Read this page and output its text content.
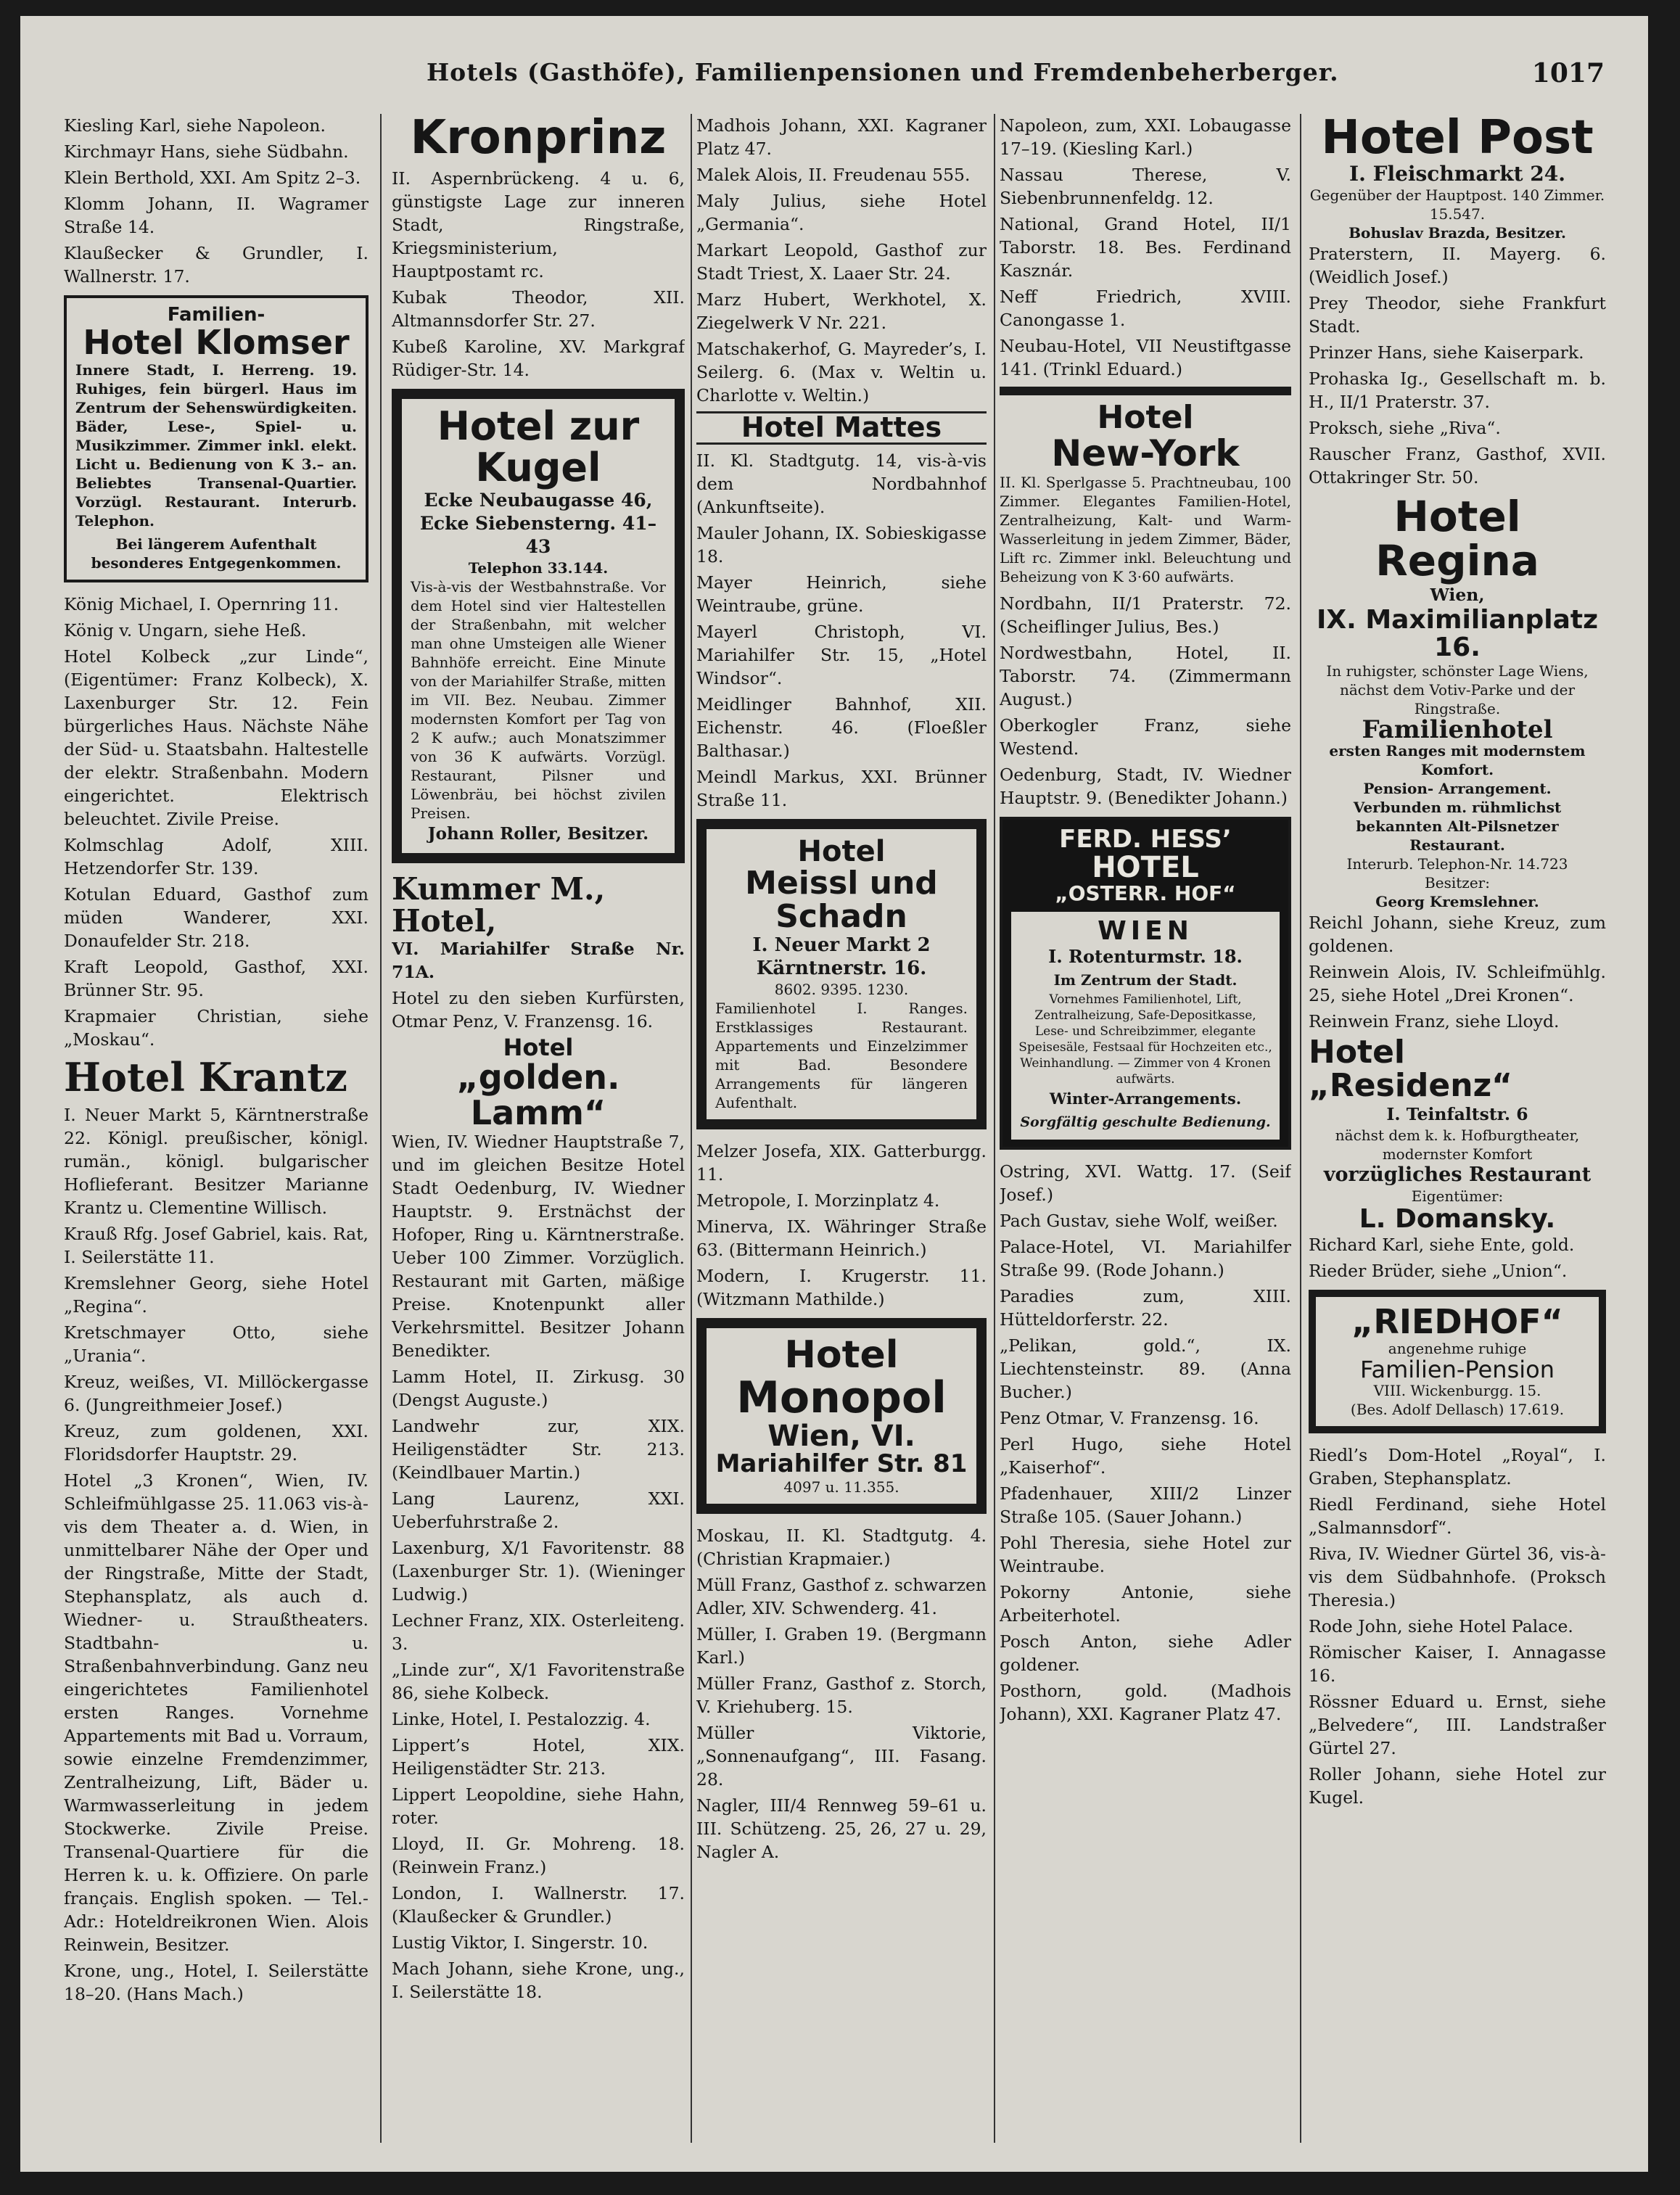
Hotels (Gasthöfe), Familienpensionen und Fremdenbeherberger.	1017

Kiesling Karl, siehe Napoleon.

Kirchmayr Hans, siehe Südbahn.

Klein Berthold, XXI. Am Spitz 2–3.

Klomm Johann, II. Wagramer Straße 14.

Klaußecker & Grundler, I. Wallnerstr. 17.

Familien-
Hotel Klomser
Innere Stadt, I. Herreng. 19. Ruhiges, fein bürgerl. Haus im Zentrum der Sehenswürdigkeiten. Bäder, Lese-, Spiel- u. Musikzimmer. Zimmer inkl. elekt. Licht u. Bedienung von K 3.– an. Beliebtes Transenal-Quartier. Vorzügl. Restaurant. Interurb. Telephon.
Bei längerem Aufenthalt besonderes Entgegenkommen.

König Michael, I. Opernring 11.

König v. Ungarn, siehe Heß.

Hotel Kolbeck „zur Linde“, (Eigentümer: Franz Kolbeck), X. Laxenburger Str. 12. Fein bürgerliches Haus. Nächste Nähe der Süd- u. Staatsbahn. Haltestelle der elektr. Straßenbahn. Modern eingerichtet. Elektrisch beleuchtet. Zivile Preise.

Kolmschlag Adolf, XIII. Hetzendorfer Str. 139.

Kotulan Eduard, Gasthof zum müden Wanderer, XXI. Donaufelder Str. 218.

Kraft Leopold, Gasthof, XXI. Brünner Str. 95.

Krapmaier Christian, siehe „Moskau“.

Hotel Krantz

I. Neuer Markt 5, Kärntnerstraße 22. Königl. preußischer, königl. rumän., königl. bulgarischer Hoflieferant. Besitzer Marianne Krantz u. Clementine Willisch.

Krauß Rfg. Josef Gabriel, kais. Rat, I. Seilerstätte 11.

Kremslehner Georg, siehe Hotel „Regina“.

Kretschmayer Otto, siehe „Urania“.

Kreuz, weißes, VI. Millöckergasse 6. (Jungreithmeier Josef.)

Kreuz, zum goldenen, XXI. Floridsdorfer Hauptstr. 29.

Hotel „3 Kronen“, Wien, IV. Schleifmühlgasse 25. 11.063 vis-à-vis dem Theater a. d. Wien, in unmittelbarer Nähe der Oper und der Ringstraße, Mitte der Stadt, Stephansplatz, als auch d. Wiedner- u. Straußtheaters. Stadtbahn- u. Straßenbahnverbindung. Ganz neu eingerichtetes Familienhotel ersten Ranges. Vornehme Appartements mit Bad u. Vorraum, sowie einzelne Fremdenzimmer, Zentralheizung, Lift, Bäder u. Warmwasserleitung in jedem Stockwerke. Zivile Preise. Transenal-Quartiere für die Herren k. u. k. Offiziere. On parle français. English spoken. — Tel.-Adr.: Hoteldreikronen Wien. Alois Reinwein, Besitzer.

Krone, ung., Hotel, I. Seilerstätte 18–20. (Hans Mach.)

Kronprinz

II. Aspernbrückeng. 4 u. 6, günstigste Lage zur inneren Stadt, Ringstraße, Kriegsministerium, Hauptpostamt rc.

Kubak Theodor, XII. Altmannsdorfer Str. 27.

Kubeß Karoline, XV. Markgraf Rüdiger-Str. 14.

Hotel zur Kugel
Ecke Neubaugasse 46,
Ecke Siebensterng. 41–43
Telephon 33.144.
Vis-à-vis der Westbahnstraße. Vor dem Hotel sind vier Haltestellen der Straßenbahn, mit welcher man ohne Umsteigen alle Wiener Bahnhöfe erreicht. Eine Minute von der Mariahilfer Straße, mitten im VII. Bez. Neubau. Zimmer modernsten Komfort per Tag von 2 K aufw.; auch Monatszimmer von 36 K aufwärts. Vorzügl. Restaurant, Pilsner und Löwenbräu, bei höchst zivilen Preisen.
Johann Roller, Besitzer.
Kummer M., Hotel,

VI. Mariahilfer Straße Nr. 71A.

Hotel zu den sieben Kurfürsten, Otmar Penz, V. Franzensg. 16.

Hotel
„golden. Lamm“

Wien, IV. Wiedner Hauptstraße 7, und im gleichen Besitze Hotel Stadt Oedenburg, IV. Wiedner Hauptstr. 9. Erstnächst der Hofoper, Ring u. Kärntnerstraße. Ueber 100 Zimmer. Vorzüglich. Restaurant mit Garten, mäßige Preise. Knotenpunkt aller Verkehrsmittel. Besitzer Johann Benedikter.

Lamm Hotel, II. Zirkusg. 30 (Dengst Auguste.)

Landwehr zur, XIX. Heiligenstädter Str. 213. (Keindlbauer Martin.)

Lang Laurenz, XXI. Ueberfuhrstraße 2.

Laxenburg, X/1 Favoritenstr. 88 (Laxenburger Str. 1). (Wieninger Ludwig.)

Lechner Franz, XIX. Osterleiteng. 3.

„Linde zur“, X/1 Favoritenstraße 86, siehe Kolbeck.

Linke, Hotel, I. Pestalozzig. 4.

Lippert’s Hotel, XIX. Heiligenstädter Str. 213.

Lippert Leopoldine, siehe Hahn, roter.

Lloyd, II. Gr. Mohreng. 18. (Reinwein Franz.)

London, I. Wallnerstr. 17. (Klaußecker & Grundler.)

Lustig Viktor, I. Singerstr. 10.

Mach Johann, siehe Krone, ung., I. Seilerstätte 18.

Madhois Johann, XXI. Kagraner Platz 47.

Malek Alois, II. Freudenau 555.

Maly Julius, siehe Hotel „Germania“.

Markart Leopold, Gasthof zur Stadt Triest, X. Laaer Str. 24.

Marz Hubert, Werkhotel, X. Ziegelwerk V Nr. 221.

Matschakerhof, G. Mayreder’s, I. Seilerg. 6. (Max v. Weltin u. Charlotte v. Weltin.)

Hotel Mattes

II. Kl. Stadtgutg. 14, vis-à-vis dem Nordbahnhof (Ankunftseite).

Mauler Johann, IX. Sobieskigasse 18.

Mayer Heinrich, siehe Weintraube, grüne.

Mayerl Christoph, VI. Mariahilfer Str. 15, „Hotel Windsor“.

Meidlinger Bahnhof, XII. Eichenstr. 46. (Floeßler Balthasar.)

Meindl Markus, XXI. Brünner Straße 11.

Hotel
Meissl und Schadn
I. Neuer Markt 2
Kärntnerstr. 16.
8602. 9395. 1230.
Familienhotel I. Ranges. Erstklassiges Restaurant. Appartements und Einzelzimmer mit Bad. Besondere Arrangements für längeren Aufenthalt.

Melzer Josefa, XIX. Gatterburgg. 11.

Metropole, I. Morzinplatz 4.

Minerva, IX. Währinger Straße 63. (Bittermann Heinrich.)

Modern, I. Krugerstr. 11. (Witzmann Mathilde.)

Hotel
Monopol
Wien, VI.
Mariahilfer Str. 81
4097 u. 11.355.

Moskau, II. Kl. Stadtgutg. 4. (Christian Krapmaier.)

Müll Franz, Gasthof z. schwarzen Adler, XIV. Schwenderg. 41.

Müller, I. Graben 19. (Bergmann Karl.)

Müller Franz, Gasthof z. Storch, V. Kriehuberg. 15.

Müller Viktorie, „Sonnenaufgang“, III. Fasang. 28.

Nagler, III/4 Rennweg 59–61 u. III. Schützeng. 25, 26, 27 u. 29, Nagler A.

Napoleon, zum, XXI. Lobaugasse 17–19. (Kiesling Karl.)

Nassau Therese, V. Siebenbrunnenfeldg. 12.

National, Grand Hotel, II/1 Taborstr. 18. Bes. Ferdinand Kasznár.

Neff Friedrich, XVIII. Canongasse 1.

Neubau-Hotel, VII Neustiftgasse 141. (Trinkl Eduard.)

Hotel
New-York

II. Kl. Sperlgasse 5. Prachtneubau, 100 Zimmer. Elegantes Familien-Hotel, Zentralheizung, Kalt- und Warm-Wasserleitung in jedem Zimmer, Bäder, Lift rc. Zimmer inkl. Beleuchtung und Beheizung von K 3·60 aufwärts.

Nordbahn, II/1 Praterstr. 72. (Scheiflinger Julius, Bes.)

Nordwestbahn, Hotel, II. Taborstr. 74. (Zimmermann August.)

Oberkogler Franz, siehe Westend.

Oedenburg, Stadt, IV. Wiedner Hauptstr. 9. (Benedikter Johann.)

FERD. HESS’
HOTEL
„OSTERR. HOF“
WIEN
I. Rotenturmstr. 18.
Im Zentrum der Stadt.
Vornehmes Familienhotel, Lift, Zentralheizung, Safe-Depositkasse, Lese- und Schreibzimmer, elegante Speisesäle, Festsaal für Hochzeiten etc., Weinhandlung. — Zimmer von 4 Kronen aufwärts.
Winter-Arrangements.
Sorgfältig geschulte Bedienung.

Ostring, XVI. Wattg. 17. (Seif Josef.)

Pach Gustav, siehe Wolf, weißer.

Palace-Hotel, VI. Mariahilfer Straße 99. (Rode Johann.)

Paradies zum, XIII. Hütteldorferstr. 22.

„Pelikan, gold.“, IX. Liechtensteinstr. 89. (Anna Bucher.)

Penz Otmar, V. Franzensg. 16.

Perl Hugo, siehe Hotel „Kaiserhof“.

Pfadenhauer, XIII/2 Linzer Straße 105. (Sauer Johann.)

Pohl Theresia, siehe Hotel zur Weintraube.

Pokorny Antonie, siehe Arbeiterhotel.

Posch Anton, siehe Adler goldener.

Posthorn, gold. (Madhois Johann), XXI. Kagraner Platz 47.

Hotel Post
I. Fleischmarkt 24.
Gegenüber der Hauptpost. 140 Zimmer. 15.547.
Bohuslav Brazda, Besitzer.

Praterstern, II. Mayerg. 6. (Weidlich Josef.)

Prey Theodor, siehe Frankfurt Stadt.

Prinzer Hans, siehe Kaiserpark.

Prohaska Ig., Gesellschaft m. b. H., II/1 Praterstr. 37.

Proksch, siehe „Riva“.

Rauscher Franz, Gasthof, XVII. Ottakringer Str. 50.

Hotel Regina
Wien,
IX. Maximilianplatz 16.
In ruhigster, schönster Lage Wiens, nächst dem Votiv-Parke und der Ringstraße.
Familienhotel
ersten Ranges mit modernstem Komfort.
Pension- Arrangement.
Verbunden m. rühmlichst bekannten Alt-Pilsnetzer Restaurant.
Interurb. Telephon-Nr. 14.723
Besitzer:
Georg Kremslehner.

Reichl Johann, siehe Kreuz, zum goldenen.

Reinwein Alois, IV. Schleifmühlg. 25, siehe Hotel „Drei Kronen“.

Reinwein Franz, siehe Lloyd.

Hotel „Residenz“
I. Teinfaltstr. 6
nächst dem k. k. Hofburgtheater, modernster Komfort
vorzügliches Restaurant
Eigentümer:
L. Domansky.

Richard Karl, siehe Ente, gold.

Rieder Brüder, siehe „Union“.

„RIEDHOF“
angenehme ruhige
Familien-Pension
VIII. Wickenburgg. 15.
(Bes. Adolf Dellasch) 17.619.

Riedl’s Dom-Hotel „Royal“, I. Graben, Stephansplatz.

Riedl Ferdinand, siehe Hotel „Salmannsdorf“.

Riva, IV. Wiedner Gürtel 36, vis-à-vis dem Südbahnhofe. (Proksch Theresia.)

Rode John, siehe Hotel Palace.

Römischer Kaiser, I. Annagasse 16.

Rössner Eduard u. Ernst, siehe „Belvedere“, III. Landstraßer Gürtel 27.

Roller Johann, siehe Hotel zur Kugel.
